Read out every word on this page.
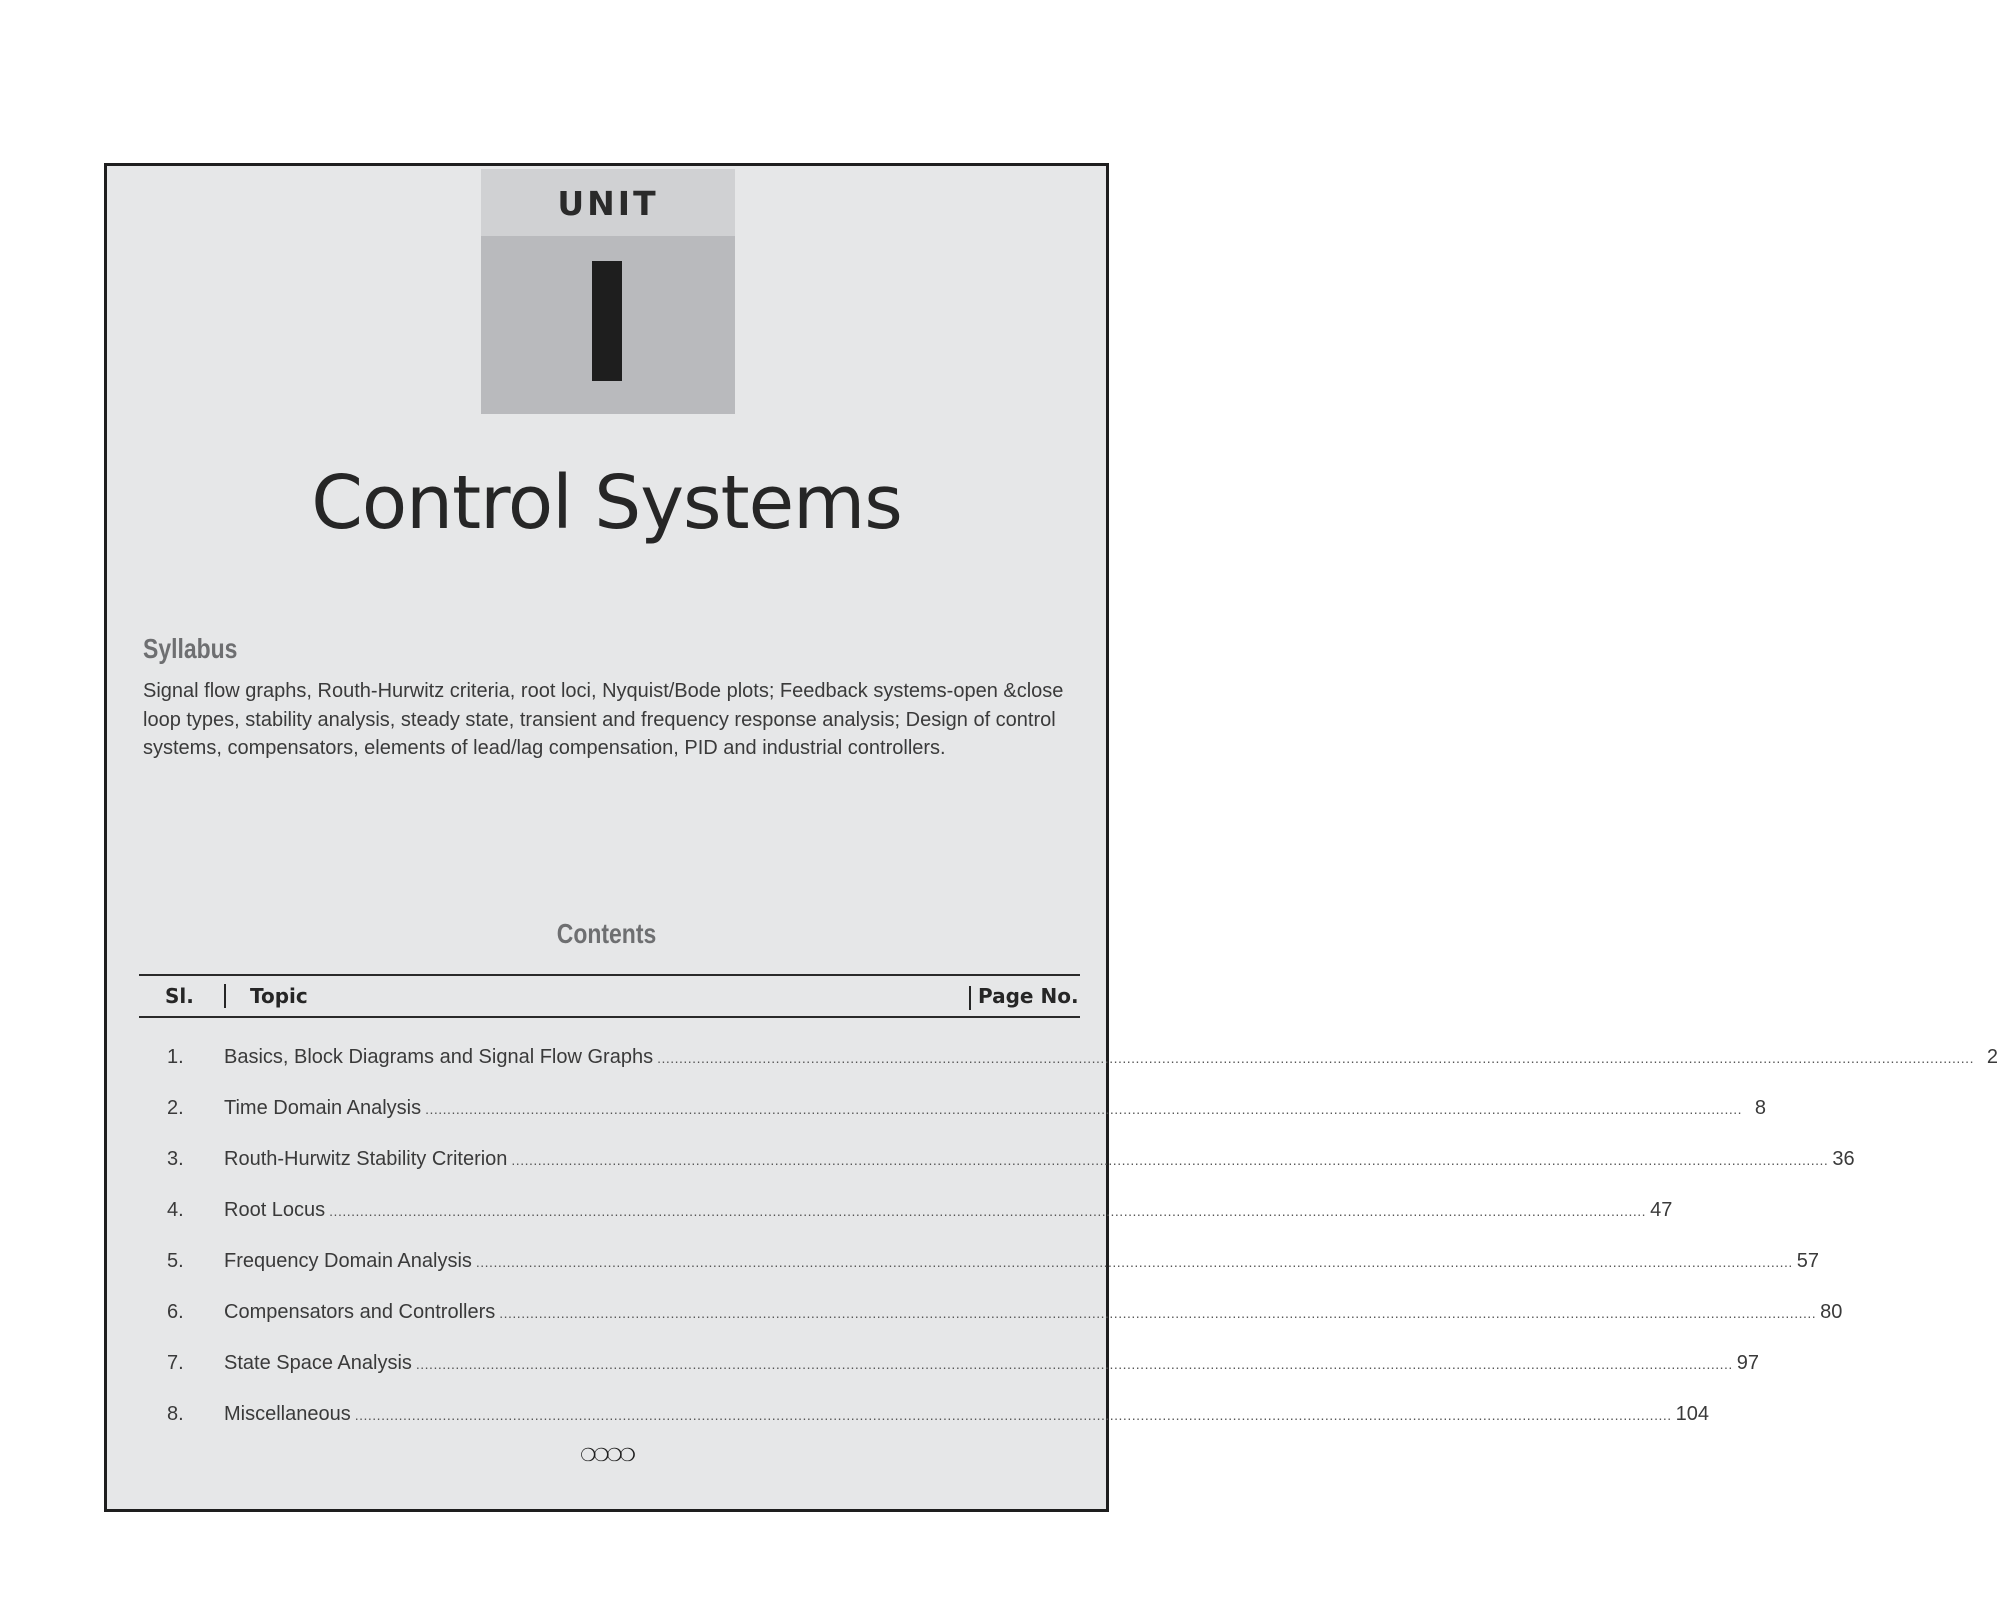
UNIT
Control Systems
Syllabus
Signal flow graphs, Routh-Hurwitz criteria, root loci, Nyquist/Bode plots; Feedback systems-open &close
loop types, stability analysis, steady state, transient and frequency response analysis; Design of control
systems, compensators, elements of lead/lag compensation, PID and industrial controllers.
Contents
Sl.	Topic	Page No.
1. Basics, Block Diagrams and Signal Flow Graphs ............................................................................................................................................................................................................................................................................................................ 2
2. Time Domain Analysis ............................................................................................................................................................................................................................................................................................................ 8
3. Routh-Hurwitz Stability Criterion ............................................................................................................................................................................................................................................................................................................ 36
4. Root Locus ............................................................................................................................................................................................................................................................................................................ 47
5. Frequency Domain Analysis ............................................................................................................................................................................................................................................................................................................ 57
6. Compensators and Controllers ............................................................................................................................................................................................................................................................................................................ 80
7. State Space Analysis ............................................................................................................................................................................................................................................................................................................ 97
8. Miscellaneous ............................................................................................................................................................................................................................................................................................................ 104
❍❍❍❍
